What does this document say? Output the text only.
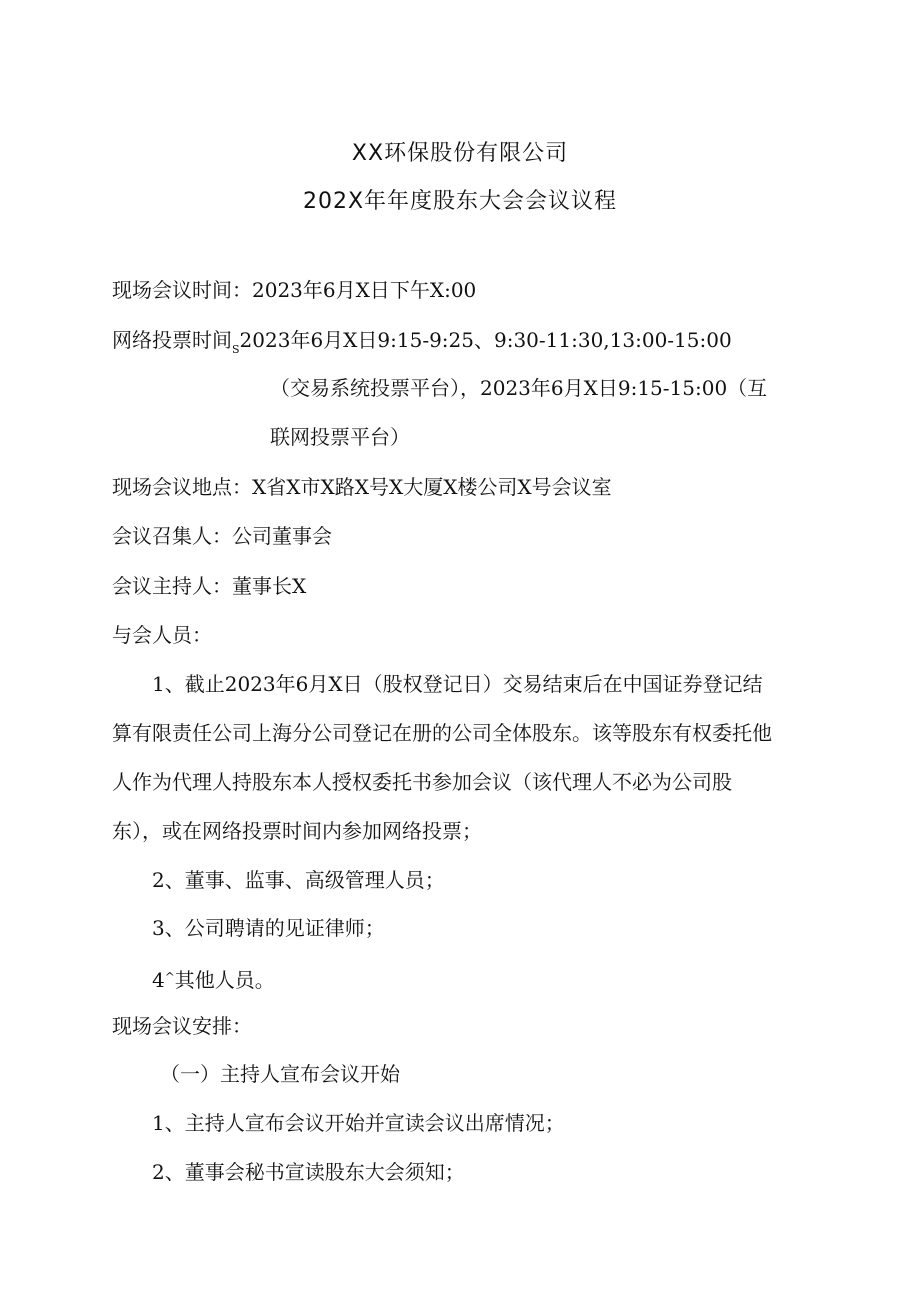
XX环保股份有限公司
202X年年度股东大会会议议程
现场会议时间：2023年6月X日下午X:00
网络投票时间$_S$2023年6月X日9:15-9:25、9:30-11:30,13:00-15:00
（交易系统投票平台），2023年6月X日9:15-15:00（互
联网投票平台）
现场会议地点：X省X市X路X号X大厦X楼公司X号会议室
会议召集人：公司董事会
会议主持人：董事长X
与会人员：
1、截止2023年6月X日（股权登记日）交易结束后在中国证券登记结
算有限责任公司上海分公司登记在册的公司全体股东。该等股东有权委托他
人作为代理人持股东本人授权委托书参加会议（该代理人不必为公司股
东），或在网络投票时间内参加网络投票；
2、董事、监事、高级管理人员；
3、公司聘请的见证律师；
4^其他人员。
现场会议安排：
（一）主持人宣布会议开始
1、主持人宣布会议开始并宣读会议出席情况；
2、董事会秘书宣读股东大会须知；
